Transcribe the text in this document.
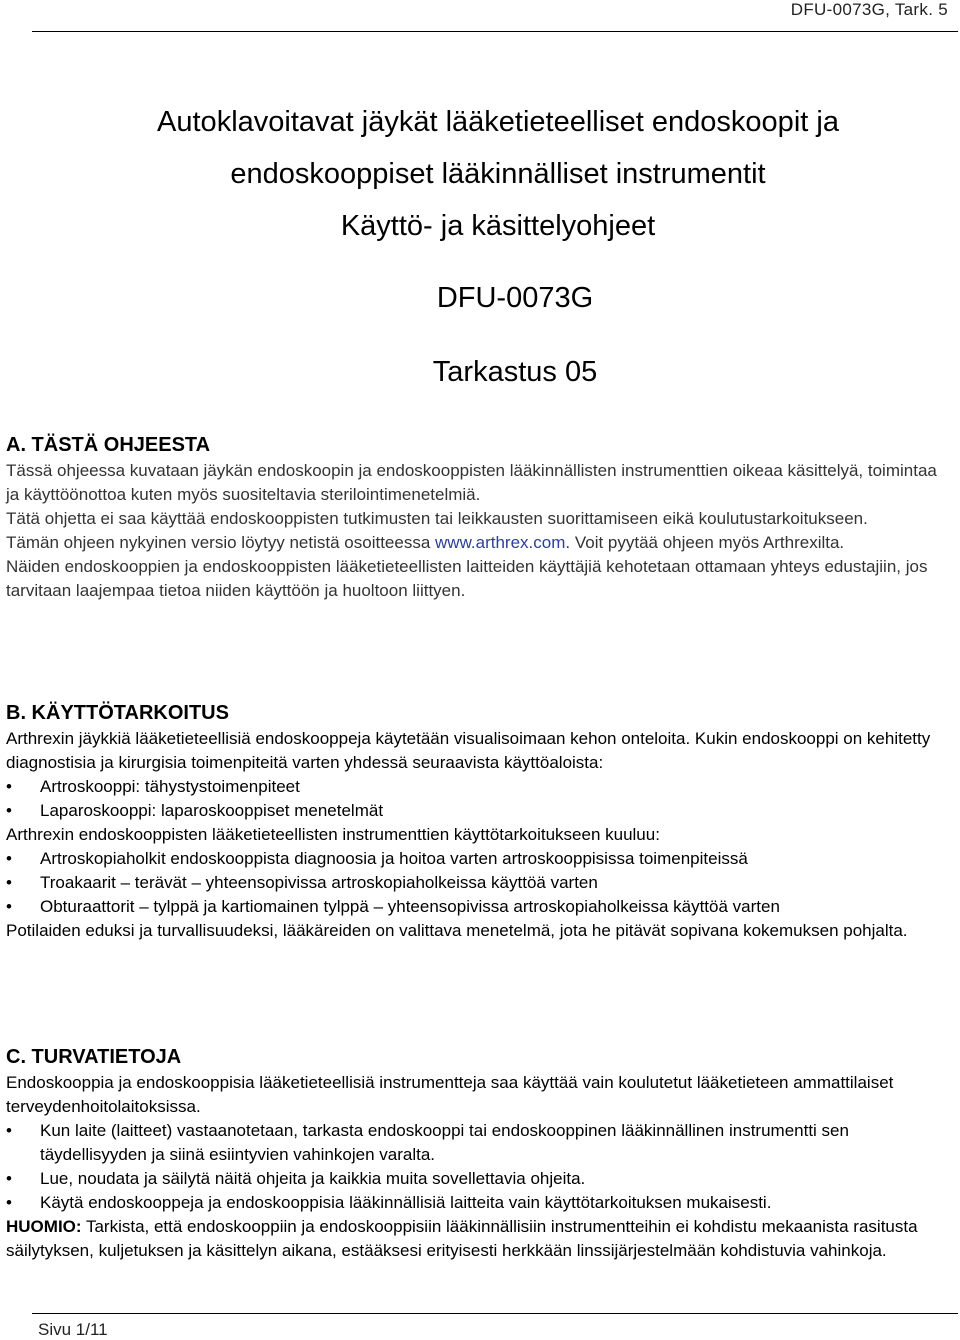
DFU-0073G, Tark. 5
Autoklavoitavat jäykät lääketieteelliset endoskoopit ja
endoskooppiset lääkinnälliset instrumentit
Käyttö- ja käsittelyohjeet
DFU-0073G
Tarkastus 05
A. TÄSTÄ OHJEESTA

Tässä ohjeessa kuvataan jäykän endoskoopin ja endoskooppisten lääkinnällisten instrumenttien oikeaa käsittelyä, toimintaa ja käyttöönottoa kuten myös suositeltavia sterilointimenetelmiä.

Tätä ohjetta ei saa käyttää endoskooppisten tutkimusten tai leikkausten suorittamiseen eikä koulutustarkoitukseen.

Tämän ohjeen nykyinen versio löytyy netistä osoitteessa www.arthrex.com. Voit pyytää ohjeen myös Arthrexilta.

Näiden endoskooppien ja endoskooppisten lääketieteellisten laitteiden käyttäjiä kehotetaan ottamaan yhteys edustajiin, jos tarvitaan laajempaa tietoa niiden käyttöön ja huoltoon liittyen.

B. KÄYTTÖTARKOITUS

Arthrexin jäykkiä lääketieteellisiä endoskooppeja käytetään visualisoimaan kehon onteloita. Kukin endoskooppi on kehitetty diagnostisia ja kirurgisia toimenpiteitä varten yhdessä seuraavista käyttöaloista:

• Artroskooppi: tähystystoimenpiteet
• Laparoskooppi: laparoskooppiset menetelmät

Arthrexin endoskooppisten lääketieteellisten instrumenttien käyttötarkoitukseen kuuluu:

• Artroskopiaholkit endoskooppista diagnoosia ja hoitoa varten artroskooppisissa toimenpiteissä
• Troakaarit – terävät – yhteensopivissa artroskopiaholkeissa käyttöä varten
• Obturaattorit – tylppä ja kartiomainen tylppä – yhteensopivissa artroskopiaholkeissa käyttöä varten

Potilaiden eduksi ja turvallisuudeksi, lääkäreiden on valittava menetelmä, jota he pitävät sopivana kokemuksen pohjalta.

C. TURVATIETOJA

Endoskooppia ja endoskooppisia lääketieteellisiä instrumentteja saa käyttää vain koulutetut lääketieteen ammattilaiset terveydenhoitolaitoksissa.

• Kun laite (laitteet) vastaanotetaan, tarkasta endoskooppi tai endoskooppinen lääkinnällinen instrumentti sen täydellisyyden ja siinä esiintyvien vahinkojen varalta.
• Lue, noudata ja säilytä näitä ohjeita ja kaikkia muita sovellettavia ohjeita.
• Käytä endoskooppeja ja endoskooppisia lääkinnällisiä laitteita vain käyttötarkoituksen mukaisesti.

HUOMIO: Tarkista, että endoskooppiin ja endoskooppisiin lääkinnällisiin instrumentteihin ei kohdistu mekaanista rasitusta säilytyksen, kuljetuksen ja käsittelyn aikana, estääksesi erityisesti herkkään linssijärjestelmään kohdistuvia vahinkoja.

Sivu 1/11
